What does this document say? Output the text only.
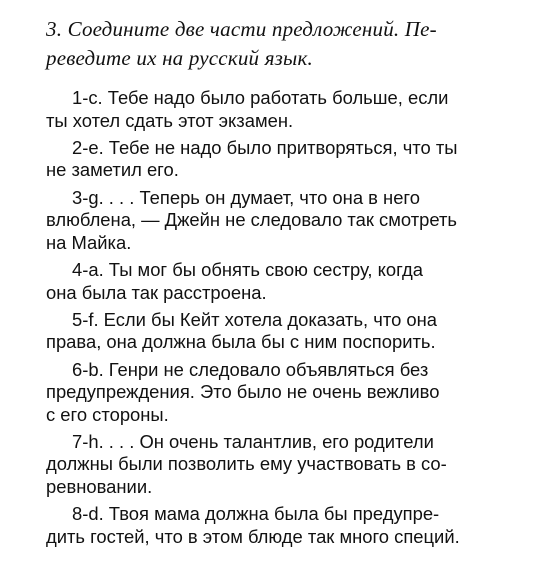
3. Соедините две части предложений. Пе-
реведите их на русский язык.
1-с. Тебе надо было работать больше, если
ты хотел сдать этот экзамен.
2-е. Тебе не надо было притворяться, что ты
не заметил его.
3-g. . . . Теперь он думает, что она в него
влюблена, — Джейн не следовало так смотреть
на Майка.
4-а. Ты мог бы обнять свою сестру, когда
она была так расстроена.
5-f. Если бы Кейт хотела доказать, что она
права, она должна была бы с ним поспорить.
6-b. Генри не следовало объявляться без
предупреждения. Это было не очень вежливо
с его стороны.
7-h. . . . Он очень талантлив, его родители
должны были позволить ему участвовать в со-
ревновании.
8-d. Твоя мама должна была бы предупре-
дить гостей, что в этом блюде так много специй.
